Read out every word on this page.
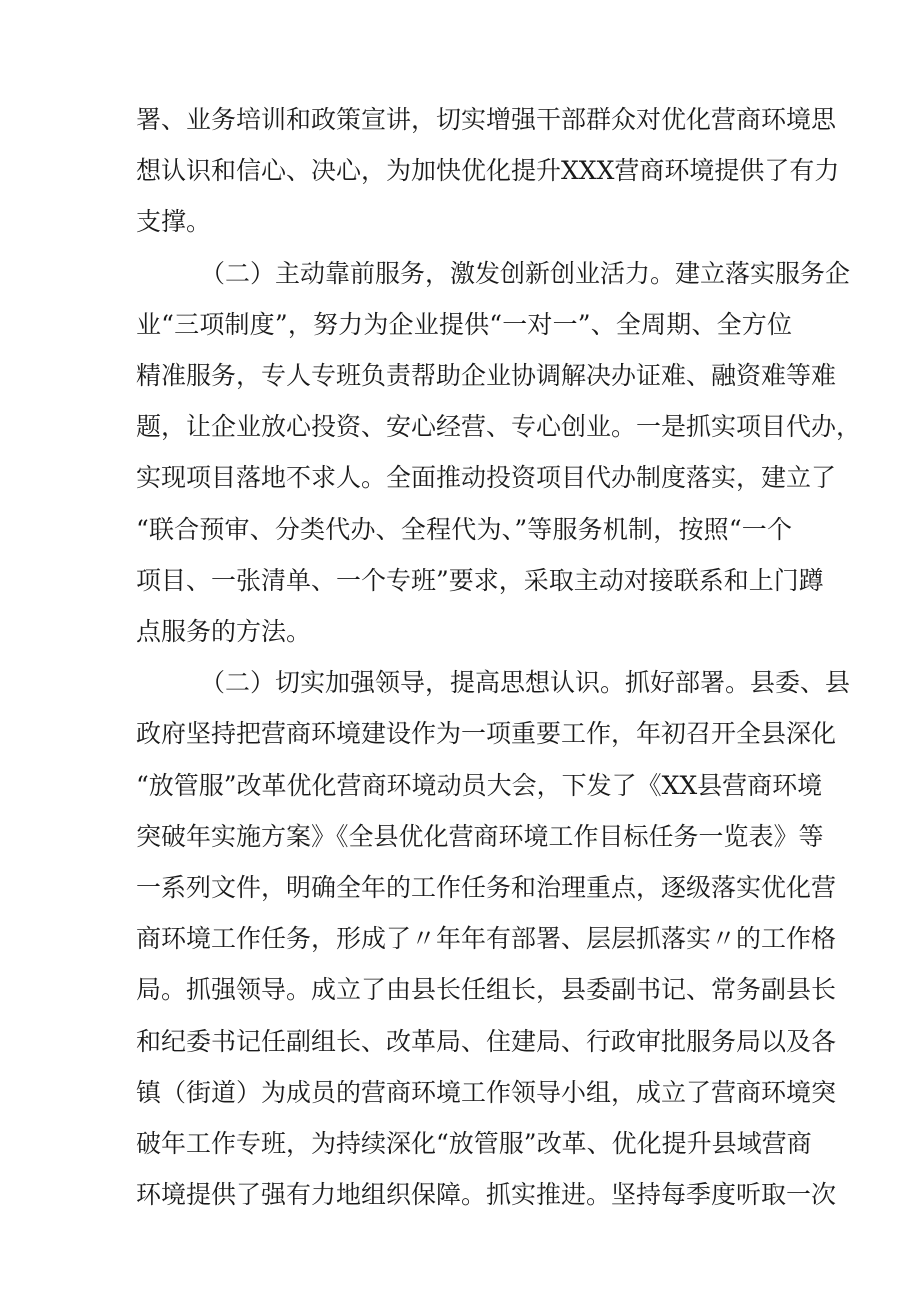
署、业务培训和政策宣讲，切实增强干部群众对优化营商环境思
想认识和信心、决心，为加快优化提升XXX营商环境提供了有力
支撑。
（二）主动靠前服务，激发创新创业活力。建立落实服务企
业“三项制度”，努力为企业提供“一对一”、全周期、全方位
精准服务，专人专班负责帮助企业协调解决办证难、融资难等难
题，让企业放心投资、安心经营、专心创业。一是抓实项目代办，
实现项目落地不求人。全面推动投资项目代办制度落实，建立了
“联合预审、分类代办、全程代为、”等服务机制，按照“一个
项目、一张清单、一个专班”要求，采取主动对接联系和上门蹲
点服务的方法。
（二）切实加强领导，提高思想认识。抓好部署。县委、县
政府坚持把营商环境建设作为一项重要工作，年初召开全县深化
“放管服”改革优化营商环境动员大会，下发了《XX县营商环境
突破年实施方案》《全县优化营商环境工作目标任务一览表》等
一系列文件，明确全年的工作任务和治理重点，逐级落实优化营
商环境工作任务，形成了〃年年有部署、层层抓落实〃的工作格
局。抓强领导。成立了由县长任组长，县委副书记、常务副县长
和纪委书记任副组长、改革局、住建局、行政审批服务局以及各
镇（街道）为成员的营商环境工作领导小组，成立了营商环境突
破年工作专班，为持续深化“放管服”改革、优化提升县域营商
环境提供了强有力地组织保障。抓实推进。坚持每季度听取一次
